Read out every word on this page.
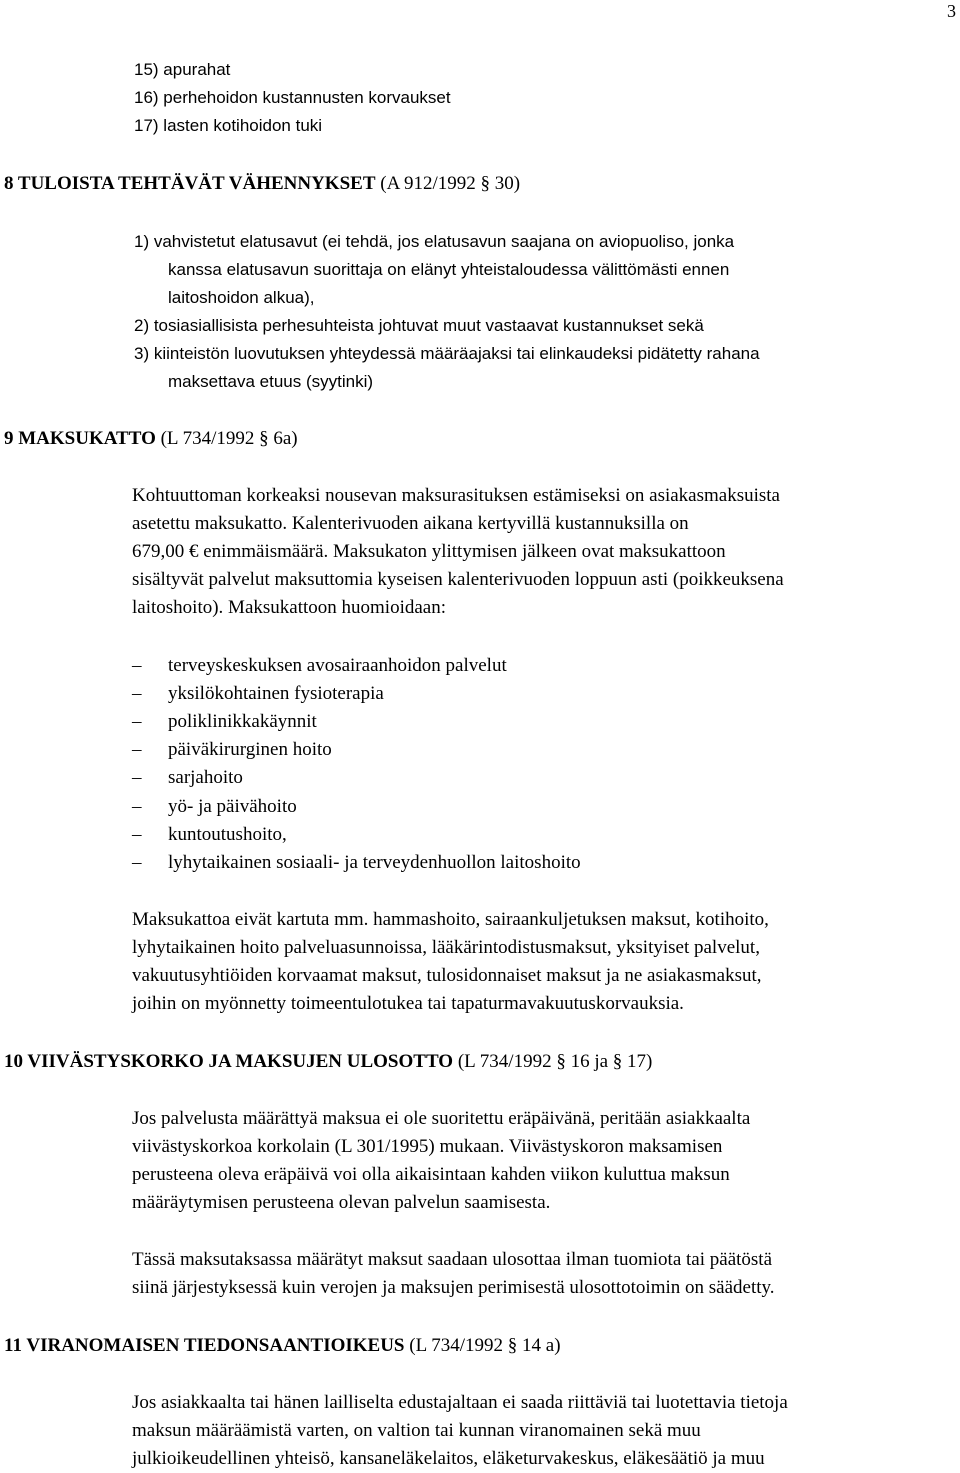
3
15) apurahat
16) perhehoidon kustannusten korvaukset
17) lasten kotihoidon tuki
8 TULOISTA TEHTÄVÄT VÄHENNYKSET (A 912/1992 § 30)
1) vahvistetut elatusavut (ei tehdä, jos elatusavun saajana on aviopuoliso, jonka
kanssa elatusavun suorittaja on elänyt yhteistaloudessa välittömästi ennen
laitoshoidon alkua),
2) tosiasiallisista perhesuhteista johtuvat muut vastaavat kustannukset sekä
3) kiinteistön luovutuksen yhteydessä määräajaksi tai elinkaudeksi pidätetty rahana
maksettava etuus (syytinki)
9 MAKSUKATTO (L 734/1992 § 6a)
Kohtuuttoman korkeaksi nousevan maksurasituksen estämiseksi on asiakasmaksuista
asetettu maksukatto. Kalenterivuoden aikana kertyvillä kustannuksilla on
679,00 € enimmäismäärä. Maksukaton ylittymisen jälkeen ovat maksukattoon
sisältyvät palvelut maksuttomia kyseisen kalenterivuoden loppuun asti (poikkeuksena
laitoshoito). Maksukattoon huomioidaan:
– terveyskeskuksen avosairaanhoidon palvelut
– yksilökohtainen fysioterapia
– poliklinikkakäynnit
– päiväkirurginen hoito
– sarjahoito
– yö- ja päivähoito
– kuntoutushoito,
– lyhytaikainen sosiaali- ja terveydenhuollon laitoshoito
Maksukattoa eivät kartuta mm. hammashoito, sairaankuljetuksen maksut, kotihoito,
lyhytaikainen hoito palveluasunnoissa, lääkärintodistusmaksut, yksityiset palvelut,
vakuutusyhtiöiden korvaamat maksut, tulosidonnaiset maksut ja ne asiakasmaksut,
joihin on myönnetty toimeentulotukea tai tapaturmavakuutuskorvauksia.
10 VIIVÄSTYSKORKO JA MAKSUJEN ULOSOTTO (L 734/1992 § 16 ja § 17)
Jos palvelusta määrättyä maksua ei ole suoritettu eräpäivänä, peritään asiakkaalta
viivästyskorkoa korkolain (L 301/1995) mukaan. Viivästyskoron maksamisen
perusteena oleva eräpäivä voi olla aikaisintaan kahden viikon kuluttua maksun
määräytymisen perusteena olevan palvelun saamisesta.
Tässä maksutaksassa määrätyt maksut saadaan ulosottaa ilman tuomiota tai päätöstä
siinä järjestyksessä kuin verojen ja maksujen perimisestä ulosottotoimin on säädetty.
11 VIRANOMAISEN TIEDONSAANTIOIKEUS (L 734/1992 § 14 a)
Jos asiakkaalta tai hänen lailliselta edustajaltaan ei saada riittäviä tai luotettavia tietoja
maksun määräämistä varten, on valtion tai kunnan viranomainen sekä muu
julkioikeudellinen yhteisö, kansaneläkelaitos, eläketurvakeskus, eläkesäätiö ja muu
